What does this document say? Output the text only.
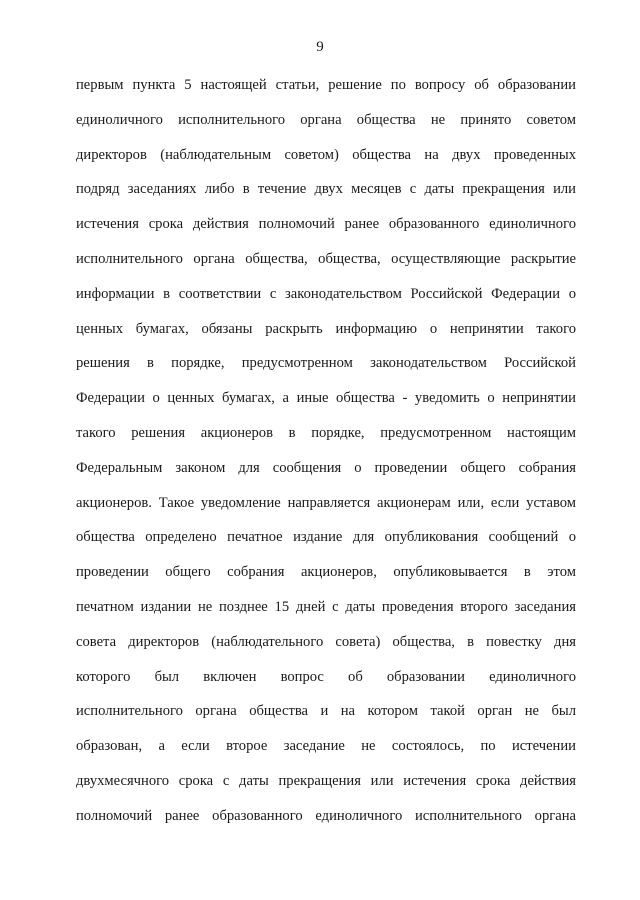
9
первым пункта 5 настоящей статьи, решение по вопросу об образовании
единоличного исполнительного органа общества не принято советом
директоров (наблюдательным советом) общества на двух проведенных
подряд заседаниях либо в течение двух месяцев с даты прекращения или
истечения срока действия полномочий ранее образованного единоличного
исполнительного органа общества, общества, осуществляющие раскрытие
информации в соответствии с законодательством Российской Федерации о
ценных бумагах, обязаны раскрыть информацию о непринятии такого
решения в порядке, предусмотренном законодательством Российской
Федерации о ценных бумагах, а иные общества - уведомить о непринятии
такого решения акционеров в порядке, предусмотренном настоящим
Федеральным законом для сообщения о проведении общего собрания
акционеров. Такое уведомление направляется акционерам или, если уставом
общества определено печатное издание для опубликования сообщений о
проведении общего собрания акционеров, опубликовывается в этом
печатном издании не позднее 15 дней с даты проведения второго заседания
совета директоров (наблюдательного совета) общества, в повестку дня
которого был включен вопрос об образовании единоличного
исполнительного органа общества и на котором такой орган не был
образован, а если второе заседание не состоялось, по истечении
двухмесячного срока с даты прекращения или истечения срока действия
полномочий ранее образованного единоличного исполнительного органа
